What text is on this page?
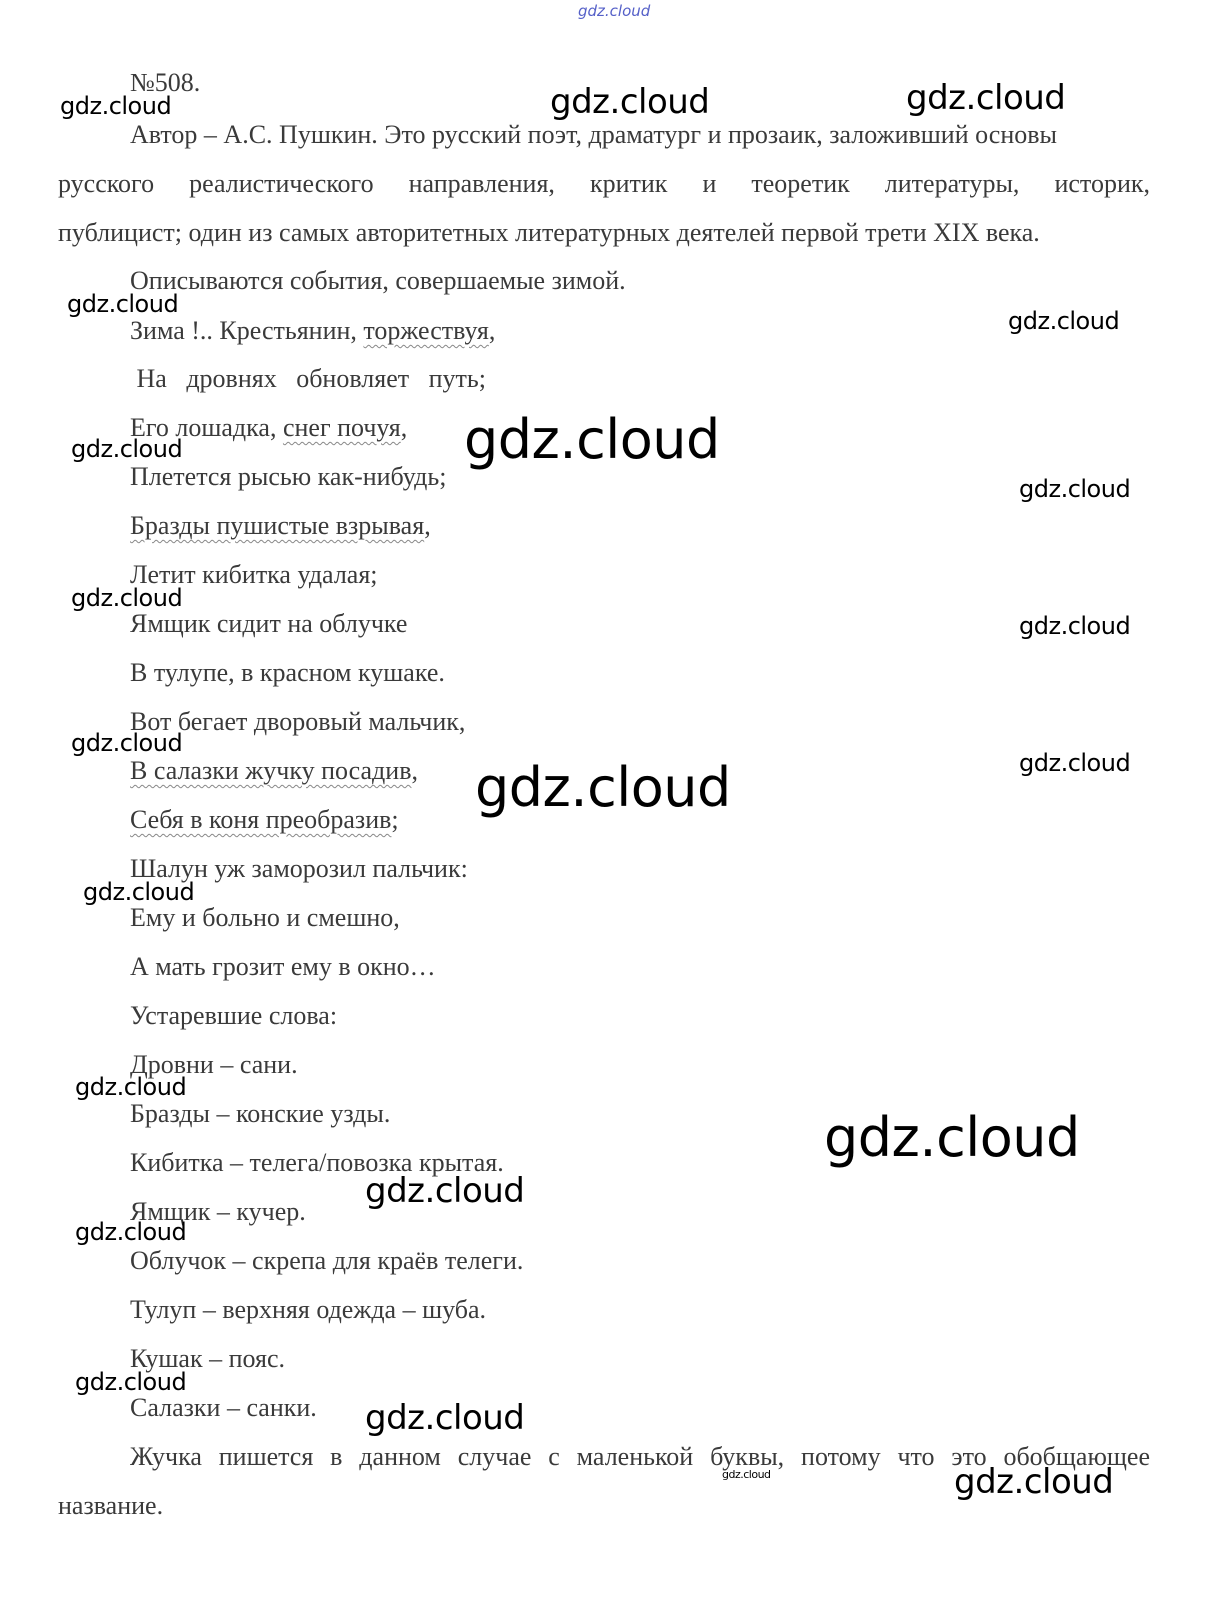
gdz.cloud
№508.
Автор – А.С. Пушкин. Это русский поэт, драматург и прозаик, заложивший основы
русского реалистического направления, критик и теоретик литературы, историк,
публицист; один из самых авторитетных литературных деятелей первой трети XIX века.
Описываются события, совершаемые зимой.
Зима !.. Крестьянин, торжествуя,
На   дровнях   обновляет   путь;
Его лошадка, снег почуя,
Плетется рысью как-нибудь;
Бразды пушистые взрывая,
Летит кибитка удалая;
Ямщик сидит на облучке
В тулупе, в красном кушаке.
Вот бегает дворовый мальчик,
В салазки жучку посадив,
Себя в коня преобразив;
Шалун уж заморозил пальчик:
Ему и больно и смешно,
А мать грозит ему в окно…
Устаревшие слова:
Дровни – сани.
Бразды – конские узды.
Кибитка – телега/повозка крытая.
Ямщик – кучер.
Облучок – скрепа для краёв телеги.
Тулуп – верхняя одежда – шуба.
Кушак – пояс.
Салазки – санки.
Жучка пишется в данном случае с маленькой буквы, потому что это обобщающее
название.
gdz.cloud	gdz.cloud	gdz.cloud
gdz.cloud
gdz.cloud
gdz.cloud	gdz.cloud
gdz.cloud
gdz.cloud
gdz.cloud
gdz.cloud
gdz.cloud	gdz.cloud
gdz.cloud
gdz.cloud
gdz.cloud
gdz.cloud
gdz.cloud
gdz.cloud
gdz.cloud
gdz.cloud	gdz.cloud
